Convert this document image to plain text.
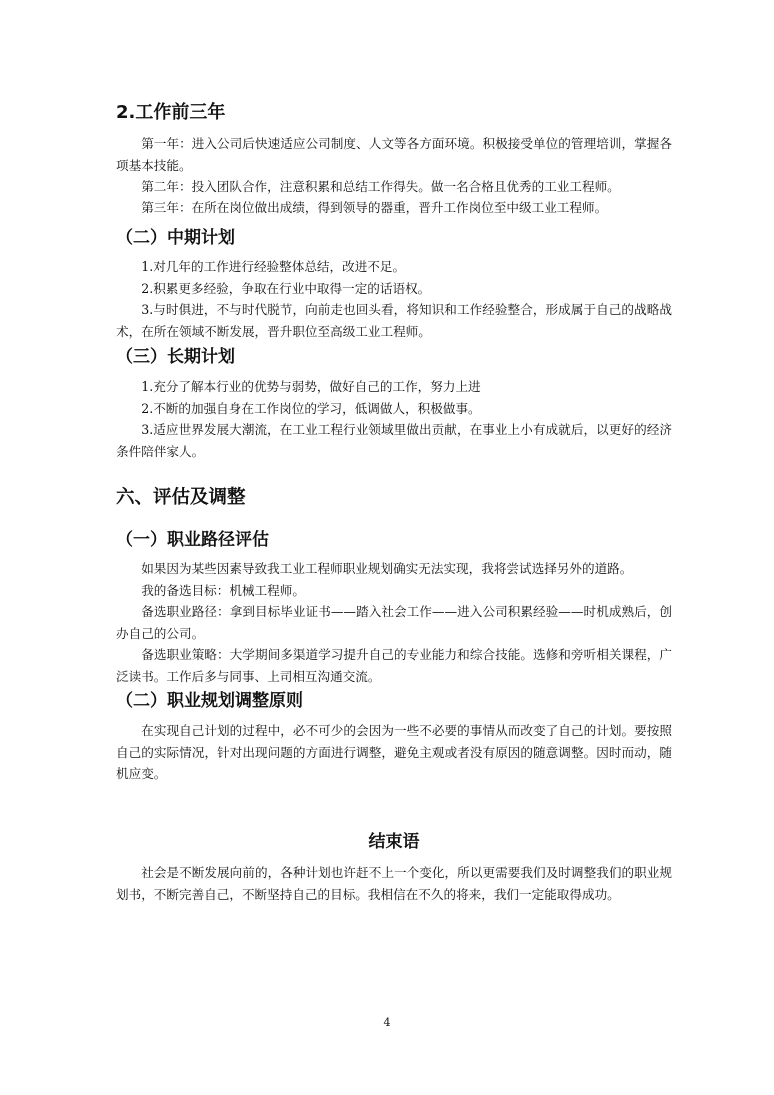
2.工作前三年
第一年：进入公司后快速适应公司制度、人文等各方面环境。积极接受单位的管理培训，掌握各项基本技能。
第二年：投入团队合作，注意积累和总结工作得失。做一名合格且优秀的工业工程师。
第三年：在所在岗位做出成绩，得到领导的器重，晋升工作岗位至中级工业工程师。
（二）中期计划
1.对几年的工作进行经验整体总结，改进不足。
2.积累更多经验，争取在行业中取得一定的话语权。
3.与时俱进，不与时代脱节，向前走也回头看，将知识和工作经验整合，形成属于自己的战略战术，在所在领域不断发展，晋升职位至高级工业工程师。
（三）长期计划
1.充分了解本行业的优势与弱势，做好自己的工作，努力上进
2.不断的加强自身在工作岗位的学习，低调做人，积极做事。
3.适应世界发展大潮流，在工业工程行业领域里做出贡献，在事业上小有成就后，以更好的经济条件陪伴家人。
六、评估及调整
（一）职业路径评估
如果因为某些因素导致我工业工程师职业规划确实无法实现，我将尝试选择另外的道路。
我的备选目标：机械工程师。
备选职业路径：拿到目标毕业证书——踏入社会工作——进入公司积累经验——时机成熟后，创办自己的公司。
备选职业策略：大学期间多渠道学习提升自己的专业能力和综合技能。选修和旁听相关课程，广泛读书。工作后多与同事、上司相互沟通交流。
（二）职业规划调整原则
在实现自己计划的过程中，必不可少的会因为一些不必要的事情从而改变了自己的计划。要按照自己的实际情况，针对出现问题的方面进行调整，避免主观或者没有原因的随意调整。因时而动，随机应变。
结束语
社会是不断发展向前的，各种计划也许赶不上一个变化，所以更需要我们及时调整我们的职业规划书，不断完善自己，不断坚持自己的目标。我相信在不久的将来，我们一定能取得成功。
4
